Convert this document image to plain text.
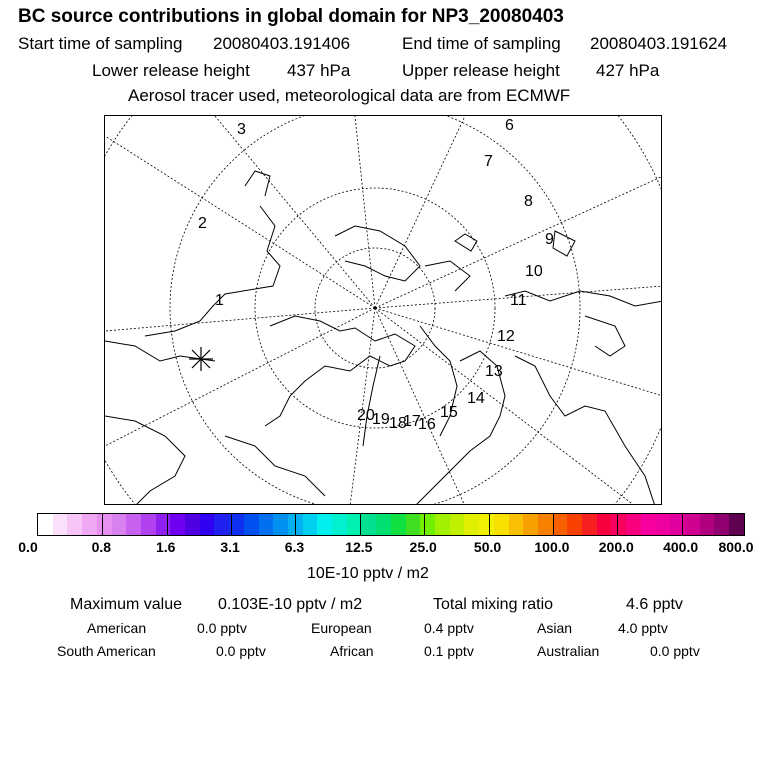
BC source contributions in global domain for NP3_20080403
Start time of sampling 20080403.191406	End time of sampling 20080403.191624
Lower release height 437 hPa	Upper release height 427 hPa
Aerosol tracer used, meteorological data are from ECMWF
1
2
3	6
7
8
9
10
11
12
13
14
15
16
17
18
19
20
0.0	0.8	1.6	3.1	6.3	12.5	25.0	50.0 100.0 200.0 400.0 800.0
10E-10 pptv / m2
Maximum value 0.103E-10 pptv / m2	Total mixing ratio	4.6 pptv
American	0.0 pptv	European	0.4 pptv	Asian	4.0 pptv
South American	0.0 pptv	African	0.1 pptv	Australian	0.0 pptv
